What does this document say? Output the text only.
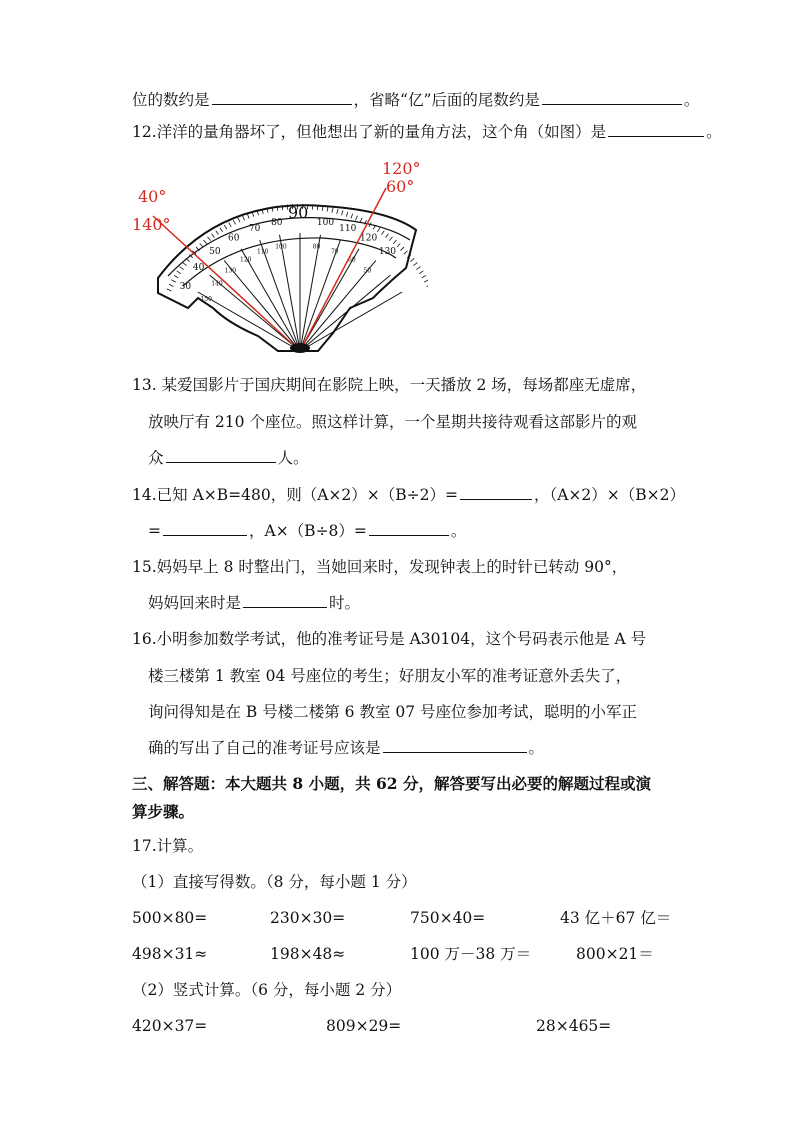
位的数约是	，省略“亿”后面的尾数约是	。
12.洋洋的量角器坏了，但他想出了新的量角方法，这个角（如图）是	。
30
40
50
60
70
80	100
110
120
130
150
140
130
120
110
100	80
70
60
50
40°
140°
120°
60°
90
13. 某爱国影片于国庆期间在影院上映，一天播放 2 场，每场都座无虚席，
放映厅有 210 个座位。照这样计算，一个星期共接待观看这部影片的观
众	人。
14.已知 A×B=480，则（A×2）×（B÷2）=	，（A×2）×（B×2）
=	，A×（B÷8）=	。
15.妈妈早上 8 时整出门，当她回来时，发现钟表上的时针已转动 90°，
妈妈回来时是	时。
16.小明参加数学考试，他的准考证号是 A30104，这个号码表示他是 A 号
楼三楼第 1 教室 04 号座位的考生；好朋友小军的准考证意外丢失了，
询问得知是在 B 号楼二楼第 6 教室 07 号座位参加考试，聪明的小军正
确的写出了自己的准考证号应该是	。
三、解答题：本大题共 8 小题，共 62 分，解答要写出必要的解题过程或演
算步骤。
17.计算。
（1）直接写得数。（8 分，每小题 1 分）
500×80=	230×30=	750×40=	43 亿＋67 亿＝
498×31≈	198×48≈	100 万－38 万＝	800×21＝
（2）竖式计算。（6 分，每小题 2 分）
420×37=	809×29=	28×465=
